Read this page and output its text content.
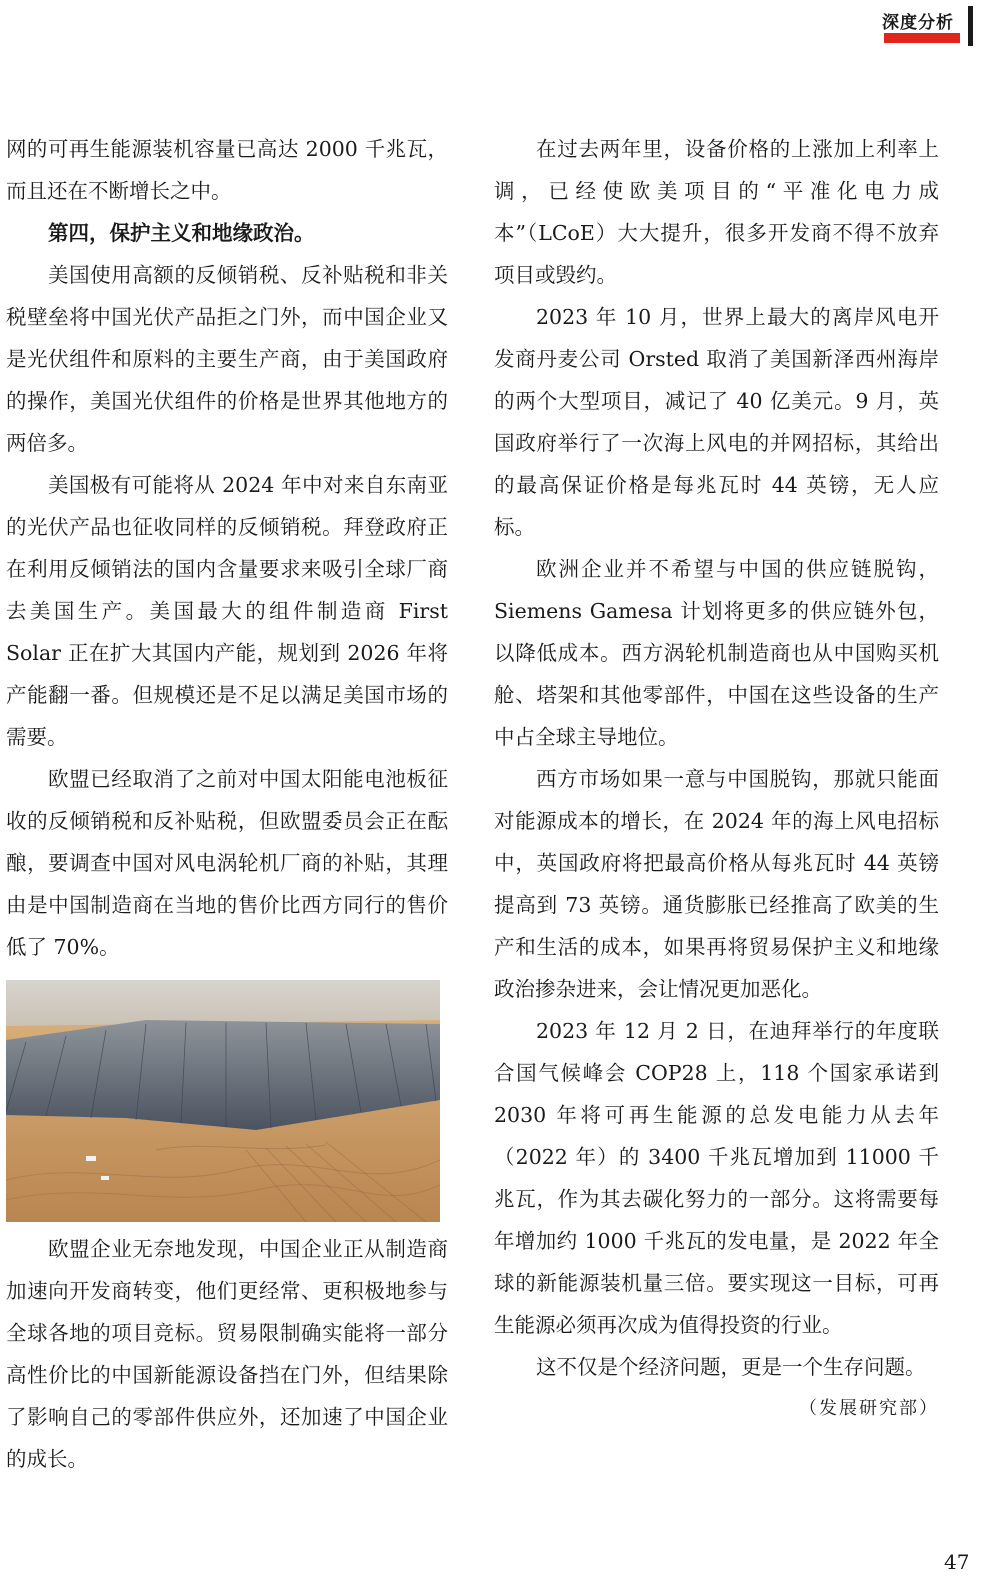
深度分析

网的可再生能源装机容量已高达 2000 千兆瓦，而且还在不断增长之中。

第四，保护主义和地缘政治。

美国使用高额的反倾销税、反补贴税和非关税壁垒将中国光伏产品拒之门外，而中国企业又是光伏组件和原料的主要生产商，由于美国政府的操作，美国光伏组件的价格是世界其他地方的两倍多。

美国极有可能将从 2024 年中对来自东南亚的光伏产品也征收同样的反倾销税。拜登政府正在利用反倾销法的国内含量要求来吸引全球厂商去美国生产。美国最大的组件制造商 First Solar 正在扩大其国内产能，规划到 2026 年将产能翻一番。但规模还是不足以满足美国市场的需要。

欧盟已经取消了之前对中国太阳能电池板征收的反倾销税和反补贴税，但欧盟委员会正在酝酿，要调查中国对风电涡轮机厂商的补贴，其理由是中国制造商在当地的售价比西方同行的售价低了 70%。

欧盟企业无奈地发现，中国企业正从制造商加速向开发商转变，他们更经常、更积极地参与全球各地的项目竞标。贸易限制确实能将一部分高性价比的中国新能源设备挡在门外，但结果除了影响自己的零部件供应外，还加速了中国企业的成长。

在过去两年里，设备价格的上涨加上利率上调，已经使欧美项目的“平准化电力成本”（LCoE）大大提升，很多开发商不得不放弃项目或毁约。

2023 年 10 月，世界上最大的离岸风电开发商丹麦公司 Orsted 取消了美国新泽西州海岸的两个大型项目，减记了 40 亿美元。9 月，英国政府举行了一次海上风电的并网招标，其给出的最高保证价格是每兆瓦时 44 英镑，无人应标。

欧洲企业并不希望与中国的供应链脱钩，Siemens Gamesa 计划将更多的供应链外包，以降低成本。西方涡轮机制造商也从中国购买机舱、塔架和其他零部件，中国在这些设备的生产中占全球主导地位。

西方市场如果一意与中国脱钩，那就只能面对能源成本的增长，在 2024 年的海上风电招标中，英国政府将把最高价格从每兆瓦时 44 英镑提高到 73 英镑。通货膨胀已经推高了欧美的生产和生活的成本，如果再将贸易保护主义和地缘政治掺杂进来，会让情况更加恶化。

2023 年 12 月 2 日，在迪拜举行的年度联合国气候峰会 COP28 上，118 个国家承诺到 2030 年将可再生能源的总发电能力从去年（2022 年）的 3400 千兆瓦增加到 11000 千兆瓦，作为其去碳化努力的一部分。这将需要每年增加约 1000 千兆瓦的发电量，是 2022 年全球的新能源装机量三倍。要实现这一目标，可再生能源必须再次成为值得投资的行业。

这不仅是个经济问题，更是一个生存问题。

（发展研究部）

47
